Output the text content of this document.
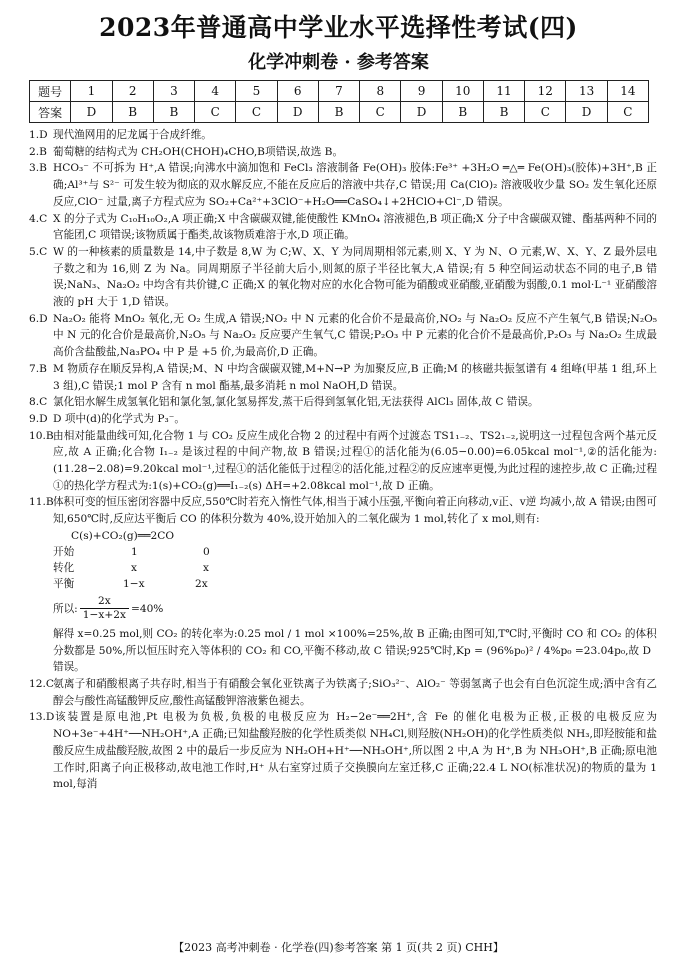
2023年普通高中学业水平选择性考试(四)
化学冲刺卷 · 参考答案
题号	1	2	3	4	5	6	7	8	9	10	11	12	13	14
答案	D	B	B	C	C	D	B	C	D	B	B	C	D	C

1.D 现代渔网用的尼龙属于合成纤维。

2.B 葡萄糖的结构式为 CH₂OH(CHOH)₄CHO,B项错误,故选 B。

3.B HCO₃⁻ 不可拆为 H⁺,A 错误;向沸水中滴加饱和 FeCl₃ 溶液制备 Fe(OH)₃ 胶体:Fe³⁺ +3H₂O ═△═ Fe(OH)₃(胶体)+3H⁺,B 正确;Al³⁺与 S²⁻ 可发生较为彻底的双水解反应,不能在反应后的溶液中共存,C 错误;用 Ca(ClO)₂ 溶液吸收少量 SO₂ 发生氧化还原反应,ClO⁻ 过量,离子方程式应为 SO₂+Ca²⁺+3ClO⁻+H₂O══CaSO₄↓+2HClO+Cl⁻,D 错误。

4.C X 的分子式为 C₁₀H₁₀O₂,A 项正确;X 中含碳碳双键,能使酸性 KMnO₄ 溶液褪色,B 项正确;X 分子中含碳碳双键、酯基两种不同的官能团,C 项错误;该物质属于酯类,故该物质难溶于水,D 项正确。

5.C W 的一种核素的质量数是 14,中子数是 8,W 为 C;W、X、Y 为同周期相邻元素,则 X、Y 为 N、O 元素,W、X、Y、Z 最外层电子数之和为 16,则 Z 为 Na。同周期原子半径前大后小,则氮的原子半径比氧大,A 错误;有 5 种空间运动状态不同的电子,B 错误;NaN₃、Na₂O₂ 中均含有共价键,C 正确;X 的氧化物对应的水化合物可能为硝酸或亚硝酸,亚硝酸为弱酸,0.1 mol·L⁻¹ 亚硝酸溶液的 pH 大于 1,D 错误。

6.D Na₂O₂ 能将 MnO₂ 氧化,无 O₂ 生成,A 错误;NO₂ 中 N 元素的化合价不是最高价,NO₂ 与 Na₂O₂ 反应不产生氧气,B 错误;N₂O₅ 中 N 元的化合价是最高价,N₂O₅ 与 Na₂O₂ 反应要产生氧气,C 错误;P₂O₃ 中 P 元素的化合价不是最高价,P₂O₃ 与 Na₂O₂ 生成最高价含盐酸盐,Na₃PO₄ 中 P 是 +5 价,为最高价,D 正确。

7.B M 物质存在顺反异构,A 错误;M、N 中均含碳碳双键,M+N→P 为加聚反应,B 正确;M 的核磁共振氢谱有 4 组峰(甲基 1 组,环上 3 组),C 错误;1 mol P 含有 n mol 酯基,最多消耗 n mol NaOH,D 错误。

8.C 氯化铝水解生成氢氧化铝和氯化氢,氯化氢易挥发,蒸干后得到氢氧化铝,无法获得 AlCl₃ 固体,故 C 错误。

9.D D 项中(d)的化学式为 P₃⁻。

10.B由相对能量曲线可知,化合物 1 与 CO₂ 反应生成化合物 2 的过程中有两个过渡态 TS1₁₋₂、TS2₁₋₂,说明这一过程包含两个基元反应,故 A 正确;化合物 I₁₋₂ 是该过程的中间产物,故 B 错误;过程①的活化能为(6.05−0.00)=6.05kcal mol⁻¹,②的活化能为:(11.28−2.08)=9.20kcal mol⁻¹,过程①的活化能低于过程②的活化能,过程②的反应速率更慢,为此过程的速控步,故 C 正确;过程①的热化学方程式为:1(s)+CO₂(g)══I₁₋₂(s) ΔH=+2.08kcal mol⁻¹,故 D 正确。

11.B体积可变的恒压密闭容器中反应,550℃时若充入惰性气体,相当于减小压强,平衡向着正向移动,v正、v逆 均减小,故 A 错误;由图可知,650℃时,反应达平衡后 CO 的体积分数为 40%,设开始加入的二氧化碳为 1 mol,转化了 x mol,则有:

C(s)+CO₂(g)══2CO
开始	1	0
转化	x	x
平衡	1−x	2x
所以: $\frac{2x}{1-x+2x} =40\%$

解得 x=0.25 mol,则 CO₂ 的转化率为:0.25 mol / 1 mol ×100%=25%,故 B 正确;由图可知,T℃时,平衡时 CO 和 CO₂ 的体积分数都是 50%,所以恒压时充入等体积的 CO₂ 和 CO,平衡不移动,故 C 错误;925℃时,Kp = (96%p₀)² / 4%p₀ =23.04p₀,故 D 错误。

12.C氨离子和硝酸根离子共存时,相当于有硝酸会氧化亚铁离子为铁离子;SiO₃²⁻、AlO₂⁻ 等弱氢离子也会有白色沉淀生成;酒中含有乙醇会与酸性高锰酸钾反应,酸性高锰酸钾溶液紫色褪去。

13.D该装置是原电池,Pt 电极为负极,负极的电极反应为 H₂−2e⁻══2H⁺,含 Fe 的催化电极为正极,正极的电极反应为 NO+3e⁻+4H⁺──NH₂OH⁺,A 正确;已知盐酸羟胺的化学性质类似 NH₄Cl,则羟胺(NH₂OH)的化学性质类似 NH₃,即羟胺能和盐酸反应生成盐酸羟胺,故图 2 中的最后一步反应为 NH₂OH+H⁺──NH₃OH⁺,所以图 2 中,A 为 H⁺,B 为 NH₃OH⁺,B 正确;原电池工作时,阳离子向正极移动,故电池工作时,H⁺ 从右室穿过质子交换膜向左室迁移,C 正确;22.4 L NO(标准状况)的物质的量为 1 mol,每消

【2023 高考冲刺卷 · 化学卷(四)参考答案 第 1 页(共 2 页) CHH】
